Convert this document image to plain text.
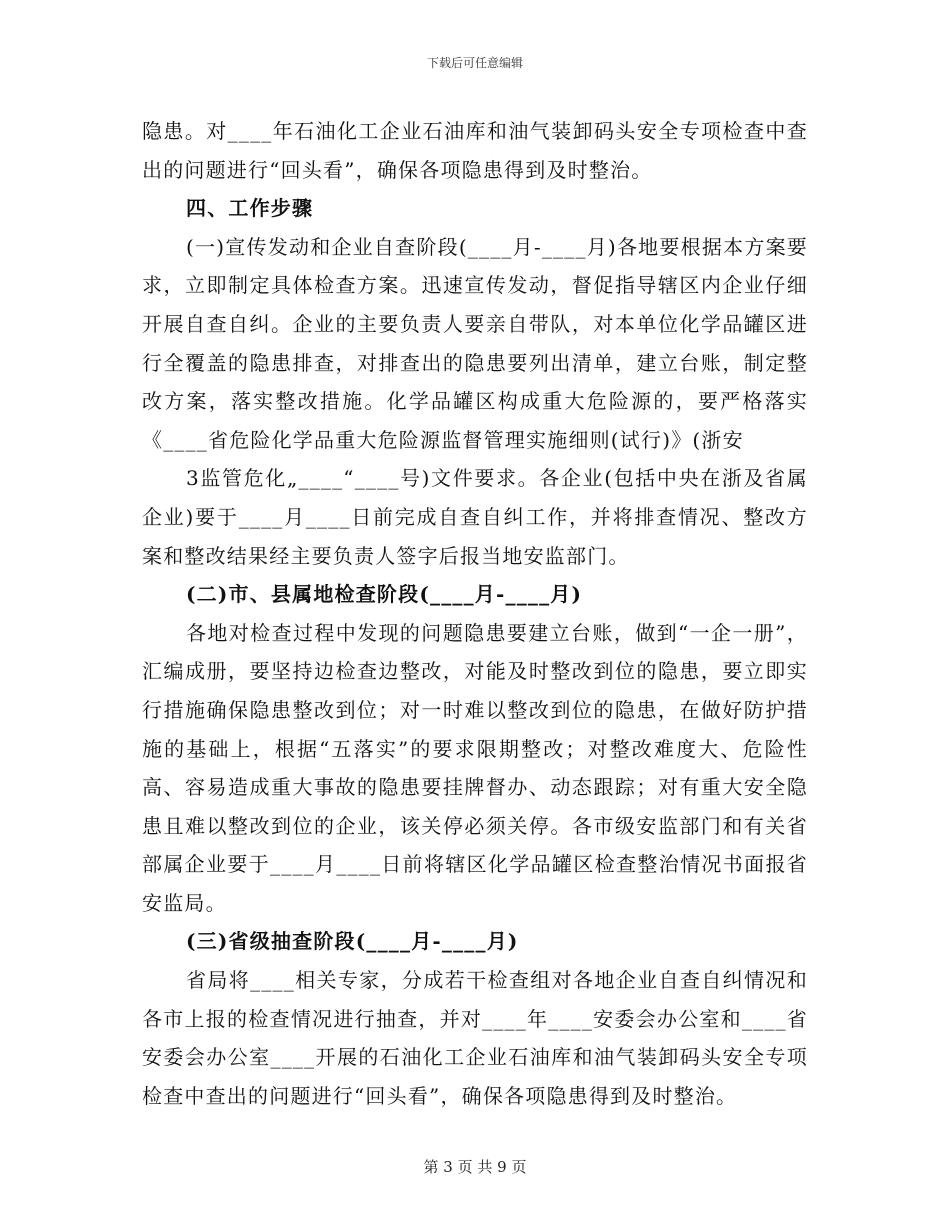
下载后可任意编辑

隐患。对____年石油化工企业石油库和油气装卸码头安全专项检查中查出的问题进行“回头看”，确保各项隐患得到及时整治。

四、工作步骤

(一)宣传发动和企业自查阶段(____月-____月)各地要根据本方案要求，立即制定具体检查方案。迅速宣传发动，督促指导辖区内企业仔细开展自查自纠。企业的主要负责人要亲自带队，对本单位化学品罐区进行全覆盖的隐患排查，对排查出的隐患要列出清单，建立台账，制定整改方案，落实整改措施。化学品罐区构成重大危险源的，要严格落实《____省危险化学品重大危险源监督管理实施细则(试行)》(浙安

3监管危化„____“____号)文件要求。各企业(包括中央在浙及省属企业)要于____月____日前完成自查自纠工作，并将排查情况、整改方案和整改结果经主要负责人签字后报当地安监部门。

(二)市、县属地检查阶段(____月-____月)

各地对检查过程中发现的问题隐患要建立台账，做到“一企一册”，汇编成册，要坚持边检查边整改，对能及时整改到位的隐患，要立即实行措施确保隐患整改到位；对一时难以整改到位的隐患，在做好防护措施的基础上，根据“五落实”的要求限期整改；对整改难度大、危险性高、容易造成重大事故的隐患要挂牌督办、动态跟踪；对有重大安全隐患且难以整改到位的企业，该关停必须关停。各市级安监部门和有关省部属企业要于____月____日前将辖区化学品罐区检查整治情况书面报省安监局。

(三)省级抽查阶段(____月-____月)

省局将____相关专家，分成若干检查组对各地企业自查自纠情况和各市上报的检查情况进行抽查，并对____年____安委会办公室和____省安委会办公室____开展的石油化工企业石油库和油气装卸码头安全专项检查中查出的问题进行“回头看”，确保各项隐患得到及时整治。

第 3 页 共 9 页
